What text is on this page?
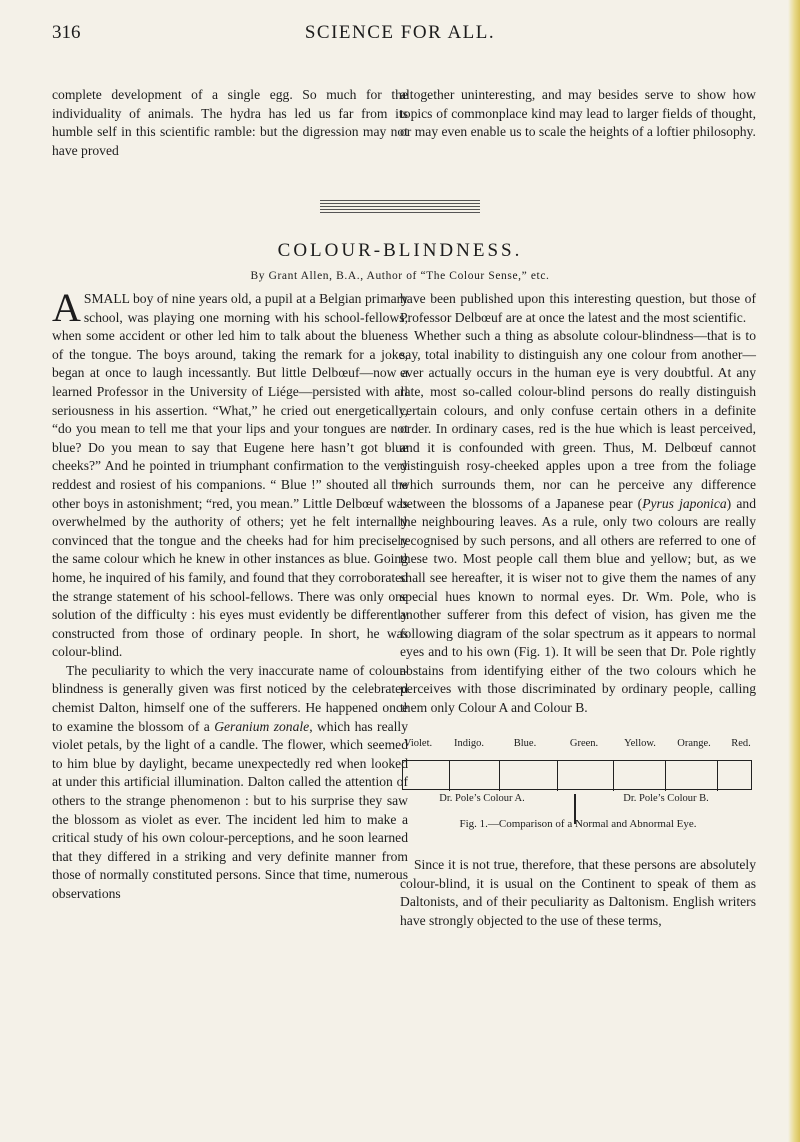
316	SCIENCE FOR ALL.

complete development of a single egg. So much for the individuality of animals. The hydra has led us far from its humble self in this scientific ramble: but the digression may not have proved

altogether uninteresting, and may besides serve to show how topics of commonplace kind may lead to larger fields of thought, or may even enable us to scale the heights of a loftier philosophy.

COLOUR-BLINDNESS.
By Grant Allen, B.A., Author of “The Colour Sense,” etc.

ASMALL boy of nine years old, a pupil at a Belgian primary school, was playing one morning with his school-fellows, when some accident or other led him to talk about the blueness of the tongue. The boys around, taking the remark for a joke, began at once to laugh incessantly. But little Delbœuf—now a learned Professor in the University of Liége—persisted with all seriousness in his assertion. “What,” he cried out energetically, “do you mean to tell me that your lips and your tongues are not blue? Do you mean to say that Eugene here hasn’t got blue cheeks?” And he pointed in triumphant confirmation to the very reddest and rosiest of his companions. “ Blue !” shouted all the other boys in astonishment; “red, you mean.” Little Delbœuf was overwhelmed by the authority of others; yet he felt internally convinced that the tongue and the cheeks had for him precisely the same colour which he knew in other instances as blue. Going home, he inquired of his family, and found that they corroborated the strange statement of his school-fellows. There was only one solution of the difficulty : his eyes must evidently be differently constructed from those of ordinary people. In short, he was colour-blind.

The peculiarity to which the very inaccurate name of colour-blindness is generally given was first noticed by the celebrated chemist Dalton, himself one of the sufferers. He happened once to examine the blossom of a Geranium zonale, which has really violet petals, by the light of a candle. The flower, which seemed to him blue by daylight, became unexpectedly red when looked at under this artificial illumination. Dalton called the attention of others to the strange phenomenon : but to his surprise they saw the blossom as violet as ever. The incident led him to make a critical study of his own colour-perceptions, and he soon learned that they differed in a striking and very definite manner from those of normally constituted persons. Since that time, numerous observations

have been published upon this interesting question, but those of Professor Delbœuf are at once the latest and the most scientific.

Whether such a thing as absolute colour-blindness—that is to say, total inability to distinguish any one colour from another—ever actually occurs in the human eye is very doubtful. At any rate, most so-called colour-blind persons do really distinguish certain colours, and only confuse certain others in a definite order. In ordinary cases, red is the hue which is least perceived, and it is confounded with green. Thus, M. Delbœuf cannot distinguish rosy-cheeked apples upon a tree from the foliage which surrounds them, nor can he perceive any difference between the blossoms of a Japanese pear (Pyrus japonica) and the neighbouring leaves. As a rule, only two colours are really recognised by such persons, and all others are referred to one of these two. Most people call them blue and yellow; but, as we shall see hereafter, it is wiser not to give them the names of any special hues known to normal eyes. Dr. Wm. Pole, who is another sufferer from this defect of vision, has given me the following diagram of the solar spectrum as it appears to normal eyes and to his own (Fig. 1). It will be seen that Dr. Pole rightly abstains from identifying either of the two colours which he perceives with those discriminated by ordinary people, calling them only Colour A and Colour B.

Violet. Indigo.	Blue.	Green. Yellow. Orange. Red.
Dr. Pole’s Colour A.	Dr. Pole’s Colour B.
Fig. 1.—Comparison of a Normal and Abnormal Eye.

Since it is not true, therefore, that these persons are absolutely colour-blind, it is usual on the Continent to speak of them as Daltonists, and of their peculiarity as Daltonism. English writers have strongly objected to the use of these terms,
